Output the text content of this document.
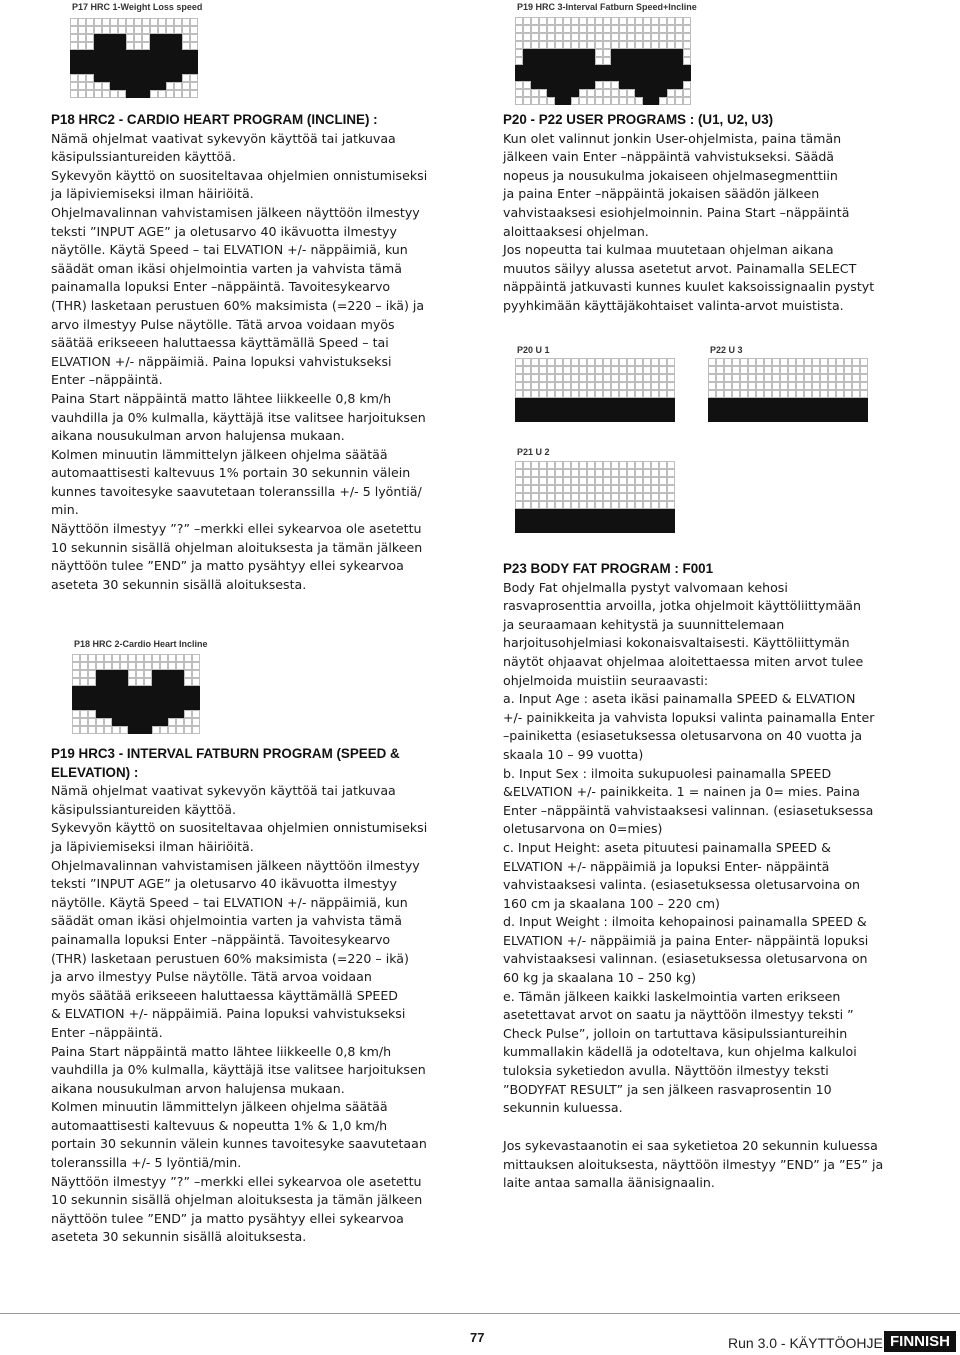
P17 HRC 1-Weight Loss speed	P19 HRC 3-Interval Fatburn Speed+Incline
P18 HRC 2-Cardio Heart Incline
P20 U 1	P22 U 3
P21 U 2

P18 HRC2 - CARDIO HEART PROGRAM (INCLINE) :

Nämä ohjelmat vaativat sykevyön käyttöä tai jatkuvaa
käsipulssiantureiden käyttöä.
Sykevyön käyttö on suositeltavaa ohjelmien onnistumiseksi
ja läpiviemiseksi ilman häiriöitä.
Ohjelmavalinnan vahvistamisen jälkeen näyttöön ilmestyy
teksti ”INPUT AGE” ja oletusarvo 40 ikävuotta ilmestyy
näytölle. Käytä Speed – tai ELVATION +/- näppäimiä, kun
säädät oman ikäsi ohjelmointia varten ja vahvista tämä
painamalla lopuksi Enter –näppäintä. Tavoitesykearvo
(THR) lasketaan perustuen 60% maksimista (=220 – ikä) ja
arvo ilmestyy Pulse näytölle. Tätä arvoa voidaan myös
säätää erikseeen haluttaessa käyttämällä Speed – tai
ELVATION +/- näppäimiä. Paina lopuksi vahvistukseksi
Enter –näppäintä.
Paina Start näppäintä matto lähtee liikkeelle 0,8 km/h
vauhdilla ja 0% kulmalla, käyttäjä itse valitsee harjoituksen
aikana nousukulman arvon halujensa mukaan.
Kolmen minuutin lämmittelyn jälkeen ohjelma säätää
automaattisesti kaltevuus 1% portain 30 sekunnin välein
kunnes tavoitesyke saavutetaan toleranssilla +/- 5 lyöntiä/
min.
Näyttöön ilmestyy ”?” –merkki ellei sykearvoa ole asetettu
10 sekunnin sisällä ohjelman aloituksesta ja tämän jälkeen
näyttöön tulee ”END” ja matto pysähtyy ellei sykearvoa
aseteta 30 sekunnin sisällä aloituksesta.

P19 HRC3 - INTERVAL FATBURN PROGRAM (SPEED &

ELEVATION) :

Nämä ohjelmat vaativat sykevyön käyttöä tai jatkuvaa
käsipulssiantureiden käyttöä.
Sykevyön käyttö on suositeltavaa ohjelmien onnistumiseksi
ja läpiviemiseksi ilman häiriöitä.
Ohjelmavalinnan vahvistamisen jälkeen näyttöön ilmestyy
teksti ”INPUT AGE” ja oletusarvo 40 ikävuotta ilmestyy
näytölle. Käytä Speed – tai ELVATION +/- näppäimiä, kun
säädät oman ikäsi ohjelmointia varten ja vahvista tämä
painamalla lopuksi Enter –näppäintä. Tavoitesykearvo
(THR) lasketaan perustuen 60% maksimista (=220 – ikä)
ja arvo ilmestyy Pulse näytölle. Tätä arvoa voidaan
myös säätää erikseeen haluttaessa käyttämällä SPEED
& ELVATION +/- näppäimiä. Paina lopuksi vahvistukseksi
Enter –näppäintä.
Paina Start näppäintä matto lähtee liikkeelle 0,8 km/h
vauhdilla ja 0% kulmalla, käyttäjä itse valitsee harjoituksen
aikana nousukulman arvon halujensa mukaan.
Kolmen minuutin lämmittelyn jälkeen ohjelma säätää
automaattisesti kaltevuus & nopeutta 1% & 1,0 km/h
portain 30 sekunnin välein kunnes tavoitesyke saavutetaan
toleranssilla +/- 5 lyöntiä/min.
Näyttöön ilmestyy ”?” –merkki ellei sykearvoa ole asetettu
10 sekunnin sisällä ohjelman aloituksesta ja tämän jälkeen
näyttöön tulee ”END” ja matto pysähtyy ellei sykearvoa
aseteta 30 sekunnin sisällä aloituksesta.

P20 - P22 USER PROGRAMS : (U1, U2, U3)

Kun olet valinnut jonkin User-ohjelmista, paina tämän
jälkeen vain Enter –näppäintä vahvistukseksi. Säädä
nopeus ja nousukulma jokaiseen ohjelmasegmenttiin
ja paina Enter –näppäintä jokaisen säädön jälkeen
vahvistaaksesi esiohjelmoinnin. Paina Start –näppäintä
aloittaaksesi ohjelman.
Jos nopeutta tai kulmaa muutetaan ohjelman aikana
muutos säilyy alussa asetetut arvot. Painamalla SELECT
näppäintä jatkuvasti kunnes kuulet kaksoissignaalin pystyt
pyyhkimään käyttäjäkohtaiset valinta-arvot muistista.

P23 BODY FAT PROGRAM : F001

Body Fat ohjelmalla pystyt valvomaan kehosi
rasvaprosenttia arvoilla, jotka ohjelmoit käyttöliittymään
ja seuraamaan kehitystä ja suunnittelemaan
harjoitusohjelmiasi kokonaisvaltaisesti. Käyttöliittymän
näytöt ohjaavat ohjelmaa aloitettaessa miten arvot tulee
ohjelmoida muistiin seuraavasti:
a. Input Age : aseta ikäsi painamalla SPEED & ELVATION
+/- painikkeita ja vahvista lopuksi valinta painamalla Enter
–painiketta (esiasetuksessa oletusarvona on 40 vuotta ja
skaala 10 – 99 vuotta)
b. Input Sex : ilmoita sukupuolesi painamalla SPEED
&ELVATION +/- painikkeita. 1 = nainen ja 0= mies. Paina
Enter –näppäintä vahvistaaksesi valinnan. (esiasetuksessa
oletusarvona on 0=mies)
c. Input Height: aseta pituutesi painamalla SPEED &
ELVATION +/- näppäimiä ja lopuksi Enter- näppäintä
vahvistaaksesi valinta. (esiasetuksessa oletusarvoina on
160 cm ja skaalana 100 – 220 cm)
d. Input Weight : ilmoita kehopainosi painamalla SPEED &
ELVATION +/- näppäimiä ja paina Enter- näppäintä lopuksi
vahvistaaksesi valinnan. (esiasetuksessa oletusarvona on
60 kg ja skaalana 10 – 250 kg)
e. Tämän jälkeen kaikki laskelmointia varten erikseen
asetettavat arvot on saatu ja näyttöön ilmestyy teksti ”
Check Pulse”, jolloin on tartuttava käsipulssiantureihin
kummallakin kädellä ja odoteltava, kun ohjelma kalkuloi
tuloksia syketiedon avulla. Näyttöön ilmestyy teksti
”BODYFAT RESULT” ja sen jälkeen rasvaprosentin 10
sekunnin kuluessa.
Jos sykevastaanotin ei saa syketietoa 20 sekunnin kuluessa
mittauksen aloituksesta, näyttöön ilmestyy ”END” ja ”E5” ja
laite antaa samalla äänisignaalin.
77	Run 3.0 - KÄYTTÖOHJE FINNISH
